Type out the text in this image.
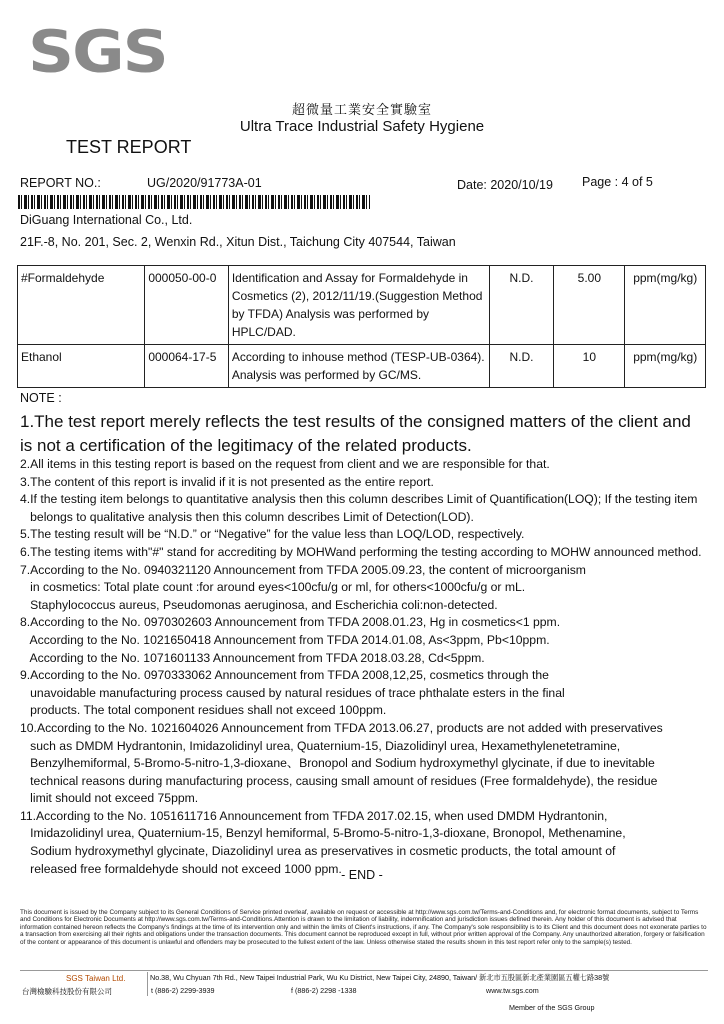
SGS
超微量工業安全實驗室
Ultra Trace Industrial Safety Hygiene
TEST REPORT
REPORT NO.:	UG/2020/91773A-01	Date: 2020/10/19 Page : 4 of 5
DiGuang International Co., Ltd.
21F.-8, No. 201, Sec. 2, Wenxin Rd., Xitun Dist., Taichung City 407544, Taiwan
#Formaldehyde	000050-00-0	Identification and Assay for Formaldehyde in Cosmetics (2), 2012/11/19.(Suggestion Method by TFDA) Analysis was performed by HPLC/DAD.	N.D.	5.00	ppm(mg/kg)
Ethanol	000064-17-5	According to inhouse method (TESP-UB-0364). Analysis was performed by GC/MS.	N.D.	10	ppm(mg/kg)
NOTE :
1.The test report merely reflects the test results of the consigned matters of the client and
is not a certification of the legitimacy of the related products.
2.All items in this testing report is based on the request from client and we are responsible for that.
3.The content of this report is invalid if it is not presented as the entire report.
4.If the testing item belongs to quantitative analysis then this column describes Limit of Quantification(LOQ); If the testing item
belongs to qualitative analysis then this column describes Limit of Detection(LOD).
5.The testing result will be “N.D.” or “Negative” for the value less than LOQ/LOD, respectively.
6.The testing items with"#" stand for accrediting by MOHWand performing the testing according to MOHW announced method.
7.According to the No. 0940321120 Announcement from TFDA 2005.09.23, the content of microorganism
in cosmetics: Total plate count :for around eyes<100cfu/g or ml, for others<1000cfu/g or mL.
Staphylococcus aureus, Pseudomonas aeruginosa, and Escherichia coli:non-detected.
8.According to the No. 0970302603 Announcement from TFDA 2008.01.23, Hg in cosmetics<1 ppm.
According to the No. 1021650418 Announcement from TFDA 2014.01.08, As<3ppm, Pb<10ppm.
According to the No. 1071601133 Announcement from TFDA 2018.03.28, Cd<5ppm.
9.According to the No. 0970333062 Announcement from TFDA 2008,12,25, cosmetics through the
unavoidable manufacturing process caused by natural residues of trace phthalate esters in the final
products. The total component residues shall not exceed 100ppm.
10.According to the No. 1021604026 Announcement from TFDA 2013.06.27, products are not added with preservatives
such as DMDM Hydrantonin, Imidazolidinyl urea, Quaternium-15, Diazolidinyl urea, Hexamethylenetetramine,
Benzylhemiformal, 5-Bromo-5-nitro-1,3-dioxane、Bronopol and Sodium hydroxymethyl glycinate, if due to inevitable
technical reasons during manufacturing process, causing small amount of residues (Free formaldehyde), the residue
limit should not exceed 75ppm.
11.According to the No. 1051611716 Announcement from TFDA 2017.02.15, when used DMDM Hydrantonin,
Imidazolidinyl urea, Quaternium-15, Benzyl hemiformal, 5-Bromo-5-nitro-1,3-dioxane, Bronopol, Methenamine,
Sodium hydroxymethyl glycinate, Diazolidinyl urea as preservatives in cosmetic products, the total amount of
released free formaldehyde should not exceed 1000 ppm. - END -
This document is issued by the Company subject to its General Conditions of Service printed overleaf, available on request or accessible at http://www.sgs.com.tw/Terms-and-Conditions and, for electronic format documents, subject to Terms and Conditions for Electronic Documents at http://www.sgs.com.tw/Terms-and-Conditions.Attention is drawn to the limitation of liability, indemnification and jurisdiction issues defined therein. Any holder of this document is advised that information contained hereon reflects the Company's findings at the time of its intervention only and within the limits of Client's instructions, if any. The Company's sole responsibility is to its Client and this document does not exonerate parties to a transaction from exercising all their rights and obligations under the transaction documents. This document cannot be reproduced except in full, without prior written approval of the Company. Any unauthorized alteration, forgery or falsification of the content or appearance of this document is unlawful and offenders may be prosecuted to the fullest extent of the law. Unless otherwise stated the results shown in this test report refer only to the sample(s) tested.
SGS Taiwan Ltd.
台灣檢驗科技股份有限公司
No.38, Wu Chyuan 7th Rd., New Taipei Industrial Park, Wu Ku District, New Taipei City, 24890, Taiwan/ 新北市五股區新北產業園區五權七路38號
t (886-2) 2299-3939	f (886-2) 2298 -1338	www.tw.sgs.com
Member of the SGS Group
